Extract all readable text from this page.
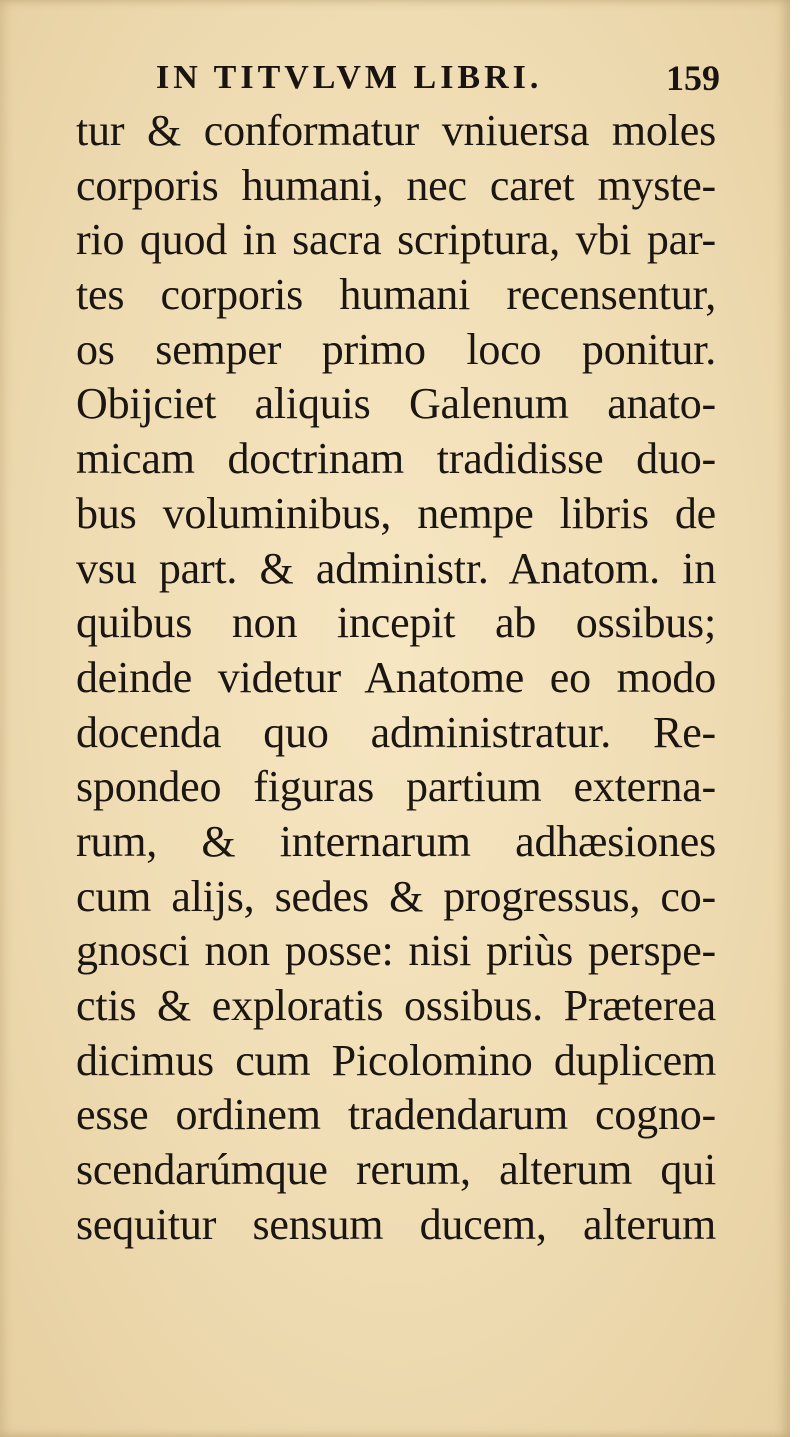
IN TITVLVM LIBRI.	159
tur & conformatur vniuersa moles
corporis humani, nec caret myste-
rio quod in sacra scriptura, vbi par-
tes corporis humani recensentur,
os semper primo loco ponitur.
Obijciet aliquis Galenum anato-
micam doctrinam tradidisse duo-
bus voluminibus, nempe libris de
vsu part. & administr. Anatom. in
quibus non incepit ab ossibus;
deinde videtur Anatome eo modo
docenda quo administratur. Re-
spondeo figuras partium externa-
rum, & internarum adhæsiones
cum alijs, sedes & progressus, co-
gnosci non posse: nisi priùs perspe-
ctis & exploratis ossibus. Præterea
dicimus cum Picolomino duplicem
esse ordinem tradendarum cogno-
scendarúmque rerum, alterum qui
sequitur sensum ducem, alterum
